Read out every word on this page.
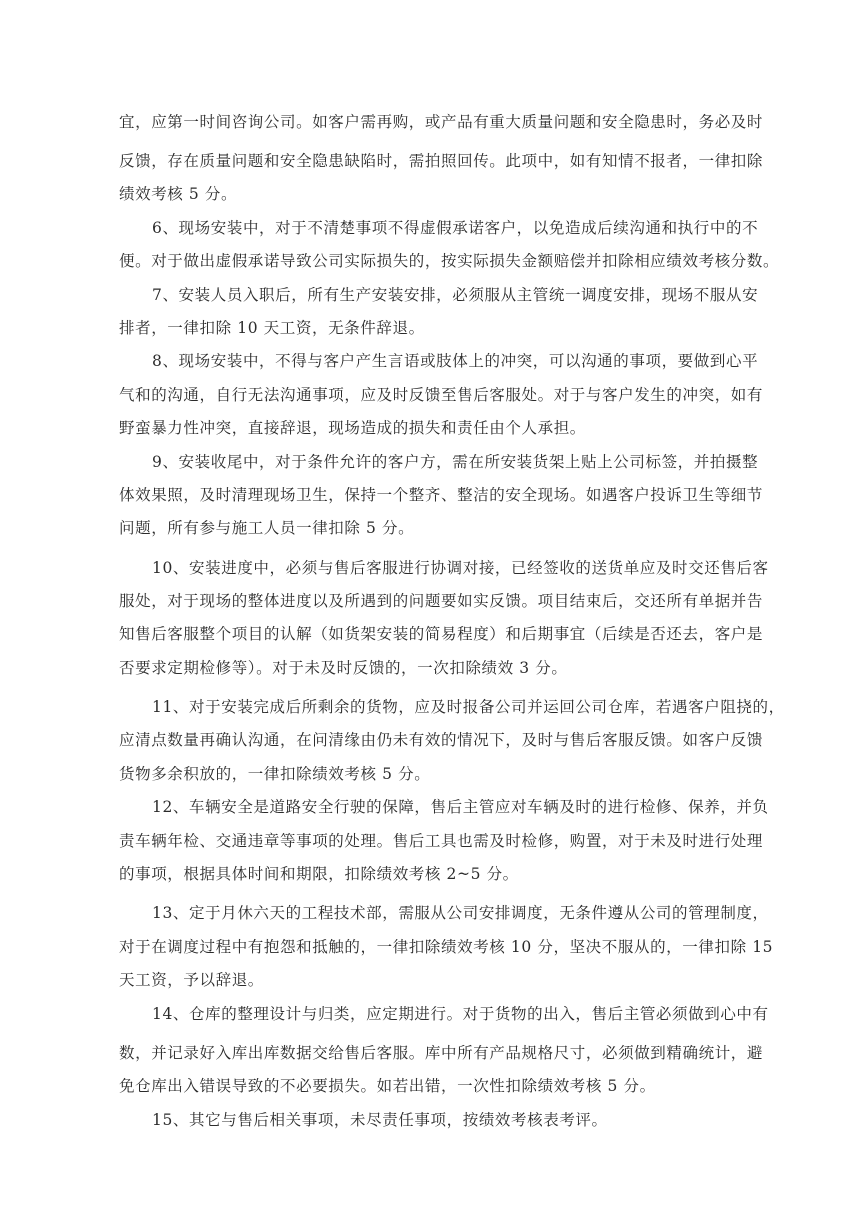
宜，应第一时间咨询公司。如客户需再购，或产品有重大质量问题和安全隐患时，务必及时
反馈，存在质量问题和安全隐患缺陷时，需拍照回传。此项中，如有知情不报者，一律扣除
绩效考核 5 分。
6、现场安装中，对于不清楚事项不得虚假承诺客户，以免造成后续沟通和执行中的不
便。对于做出虚假承诺导致公司实际损失的，按实际损失金额赔偿并扣除相应绩效考核分数。
7、安装人员入职后，所有生产安装安排，必须服从主管统一调度安排，现场不服从安
排者，一律扣除 10 天工资，无条件辞退。
8、现场安装中，不得与客户产生言语或肢体上的冲突，可以沟通的事项，要做到心平
气和的沟通，自行无法沟通事项，应及时反馈至售后客服处。对于与客户发生的冲突，如有
野蛮暴力性冲突，直接辞退，现场造成的损失和责任由个人承担。
9、安装收尾中，对于条件允许的客户方，需在所安装货架上贴上公司标签，并拍摄整
体效果照，及时清理现场卫生，保持一个整齐、整洁的安全现场。如遇客户投诉卫生等细节
问题，所有参与施工人员一律扣除 5 分。
10、安装进度中，必须与售后客服进行协调对接，已经签收的送货单应及时交还售后客
服处，对于现场的整体进度以及所遇到的问题要如实反馈。项目结束后，交还所有单据并告
知售后客服整个项目的认解（如货架安装的简易程度）和后期事宜（后续是否还去，客户是
否要求定期检修等）。对于未及时反馈的，一次扣除绩效 3 分。
11、对于安装完成后所剩余的货物，应及时报备公司并运回公司仓库，若遇客户阻挠的，
应清点数量再确认沟通，在问清缘由仍未有效的情况下，及时与售后客服反馈。如客户反馈
货物多余积放的，一律扣除绩效考核 5 分。
12、车辆安全是道路安全行驶的保障，售后主管应对车辆及时的进行检修、保养，并负
责车辆年检、交通违章等事项的处理。售后工具也需及时检修，购置，对于未及时进行处理
的事项，根据具体时间和期限，扣除绩效考核 2~5 分。
13、定于月休六天的工程技术部，需服从公司安排调度，无条件遵从公司的管理制度，
对于在调度过程中有抱怨和抵触的，一律扣除绩效考核 10 分，坚决不服从的，一律扣除 15
天工资，予以辞退。
14、仓库的整理设计与归类，应定期进行。对于货物的出入，售后主管必须做到心中有
数，并记录好入库出库数据交给售后客服。库中所有产品规格尺寸，必须做到精确统计，避
免仓库出入错误导致的不必要损失。如若出错，一次性扣除绩效考核 5 分。
15、其它与售后相关事项，未尽责任事项，按绩效考核表考评。
